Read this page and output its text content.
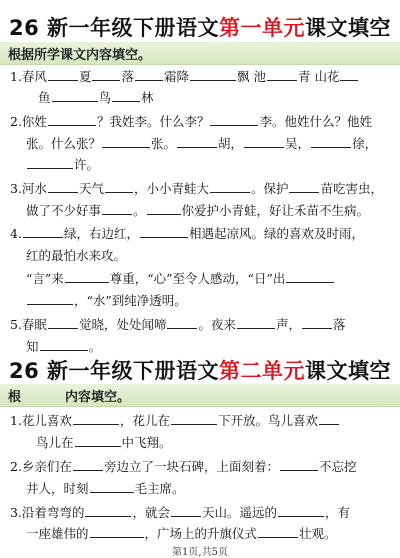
26 新一年级下册语文第一单元课文填空
根据所学课文内容填空。
1.春风	夏 落 霜降	飘 池	青 山花
鱼	鸟 林
2.你姓	？我姓李。什么李？	李。他姓什么？他姓
张。什么张？	张。	胡，	吴，	徐，
许。
3.河水	天气 ，小小青蛙大	。保护	苗吃害虫，
做了不少好事	。	你爱护小青蛙，好让禾苗不生病。
4.	绿，右边红，	相遇起凉风。绿的喜欢及时雨，
红的最怕水来攻。
“言”来	尊重，“心”至令人感动，“日”出
，“水”到纯净透明。
5.春眠	觉晓，处处闻啼	。夜来	声，	落
知	。
26 新一年级下册语文第二单元课文填空
根	内容填空。
1.花儿喜欢	，花儿在	下开放。鸟儿喜欢
鸟儿在	中飞翔。
2.乡亲们在	旁边立了一块石碑，上面刻着：	不忘挖
井人，时刻	毛主席。
3.沿着弯弯的	，就会	天山。遥远的	，有
一座雄伟的	，广场上的升旗仪式	壮观。
第1页,共5页
